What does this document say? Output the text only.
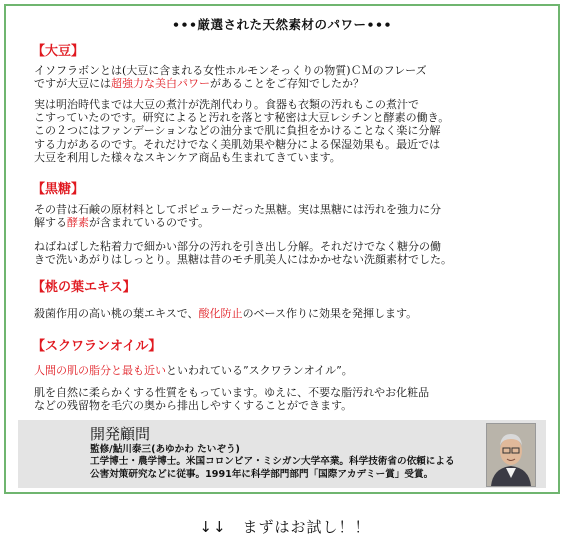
•••厳選された天然素材のパワー•••
【大豆】
イソフラボンとは(大豆に含まれる女性ホルモンそっくりの物質)ＣＭのフレーズ
ですが大豆には超強力な美白パワーがあることをご存知でしたか？
実は明治時代までは大豆の煮汁が洗剤代わり。食器も衣類の汚れもこの煮汁で
こすっていたのです。研究によると汚れを落とす秘密は大豆レシチンと酵素の働き。
この２つにはファンデーションなどの油分まで肌に負担をかけることなく楽に分解
する力があるのです。それだけでなく美肌効果や糖分による保湿効果も。最近では
大豆を利用した様々なスキンケア商品も生まれてきています。
【黒糖】
その昔は石鹸の原材料としてポピュラーだった黒糖。実は黒糖には汚れを強力に分
解する酵素が含まれているのです。
ねばねばした粘着力で細かい部分の汚れを引き出し分解。それだけでなく糖分の働
きで洗いあがりはしっとり。黒糖は昔のモチ肌美人にはかかせない洗顔素材でした。
【桃の葉エキス】
殺菌作用の高い桃の葉エキスで、酸化防止のベース作りに効果を発揮します。
【スクワランオイル】
人間の肌の脂分と最も近いといわれている”スクワランオイル”。
肌を自然に柔らかくする性質をもっています。ゆえに、不要な脂汚れやお化粧品
などの残留物を毛穴の奥から排出しやすくすることができます。
開発顧問
監修/鮎川泰三(あゆかわ たいぞう)
工学博士・農学博士。米国コロンビア・ミシガン大学卒業。科学技術省の依頼による
公害対策研究などに従事。1991年に科学部門部門「国際アカデミー賞」受賞。
↓↓　まずはお試し！！
